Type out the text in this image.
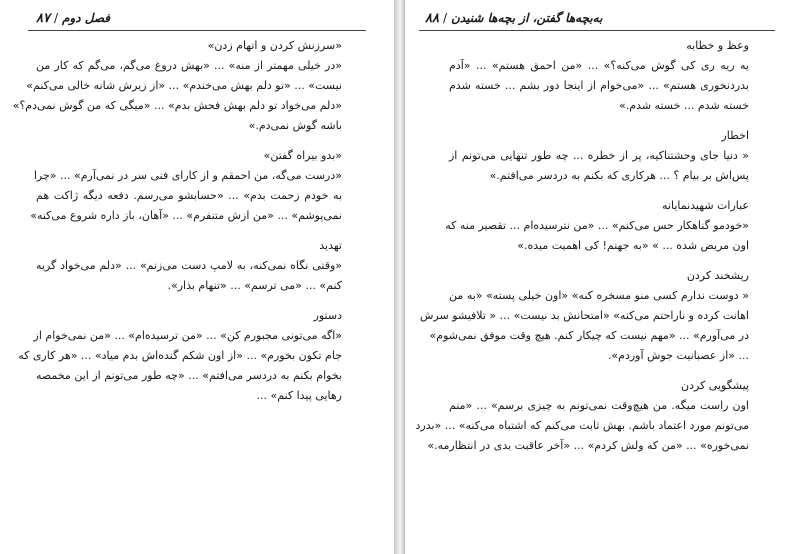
۸۷ / فصل دوم
«سرزنش کردن و اتهام زدن»
«در خیلی مهمتر از منه» ... «بهش دروغ می‌گم، می‌گم که کار من
نیست» ... «تو دلم بهش می‌خندم» ... «از زیرش شانه خالی می‌کنم»
«دلم می‌خواد تو دلم بهش فحش بدم» ... «میگی که من گوش نمی‌دم؟»
باشه گوش نمی‌دم.»
«بدو بیراه گفتن»
«درست می‌گه، من احمقم و از کارای فنی سر در نمی‌آرم» ... «چرا
به خودم زحمت بدم» ... «حسابشو می‌رسم. دفعه دیگه ژاکت هم
نمی‌پوشم» ... «من ازش متنفرم» ... «آهان، باز داره شروع می‌کنه»
تهدید
«وقتی نگاه نمی‌کنه، به لامپ دست می‌زنم» ... «دلم می‌خواد گریه
کنم» ... «می ترسم» ... «تنهام بذار».
دستور
«اگه می‌تونی مجبورم کن» ... «من ترسیده‌ام» ... «من نمی‌خوام از
جام تکون بخورم» ... «از اون شکم گنده‌اش بدم میاد» ... «هر کاری که
بخوام بکنم به دردسر می‌افتم» ... «چه طور می‌تونم از این مخمصه
رهایی پیدا کنم» ...
به‌بچه‌ها گفتن، از بچه‌ها شنیدن/۸۸
وعظ و خطابه
یه ریه ری کی گوش می‌کنه؟» ... «من احمق هستم» ... «آدم
بدردنخوری هستم» ... «می‌خوام از اینجا دور بشم ... خسته شدم
خسته شدم ... خسته شدم.»
اخطار
« دنیا جای وحشتناکیه، پر از خطره ... چه طور تنهایی می‌تونم از
پس‌اش بر بیام ؟ ... هرکاری که بکنم به دردسر می‌افتم.»
عبارات شهیدنمایانه
«خودمو گناهکار حس می‌کنم» ... «من نترسیده‌ام ... تقصیر منه که
اون مریض شده ... » «به جهنم! کی اهمیت میده.»
ریشخند کردن
« دوست ندارم کسی منو مسخره کنه» «اون خیلی پسته» «به من
اهانت کرده و ناراحتم می‌کنه» «امتحانش بد نیست» ... « تلافیشو سرش
در می‌آورم» ... «مهم نیست که چیکار کنم. هیچ وقت موفق نمی‌شوم»
... «از عصبانیت جوش آوردم».
پیشگویی کردن
اون راست میگه. من هیچ‌وقت نمی‌تونم به چیزی برسم» ... «منم
می‌تونم مورد اعتماد باشم. بهش ثابت می‌کنم که اشتباه می‌کنه» ... «بدرد
نمی‌خوره» ... «من که ولش کردم» ... «آخر عاقبت بدی در انتظارمه.»
